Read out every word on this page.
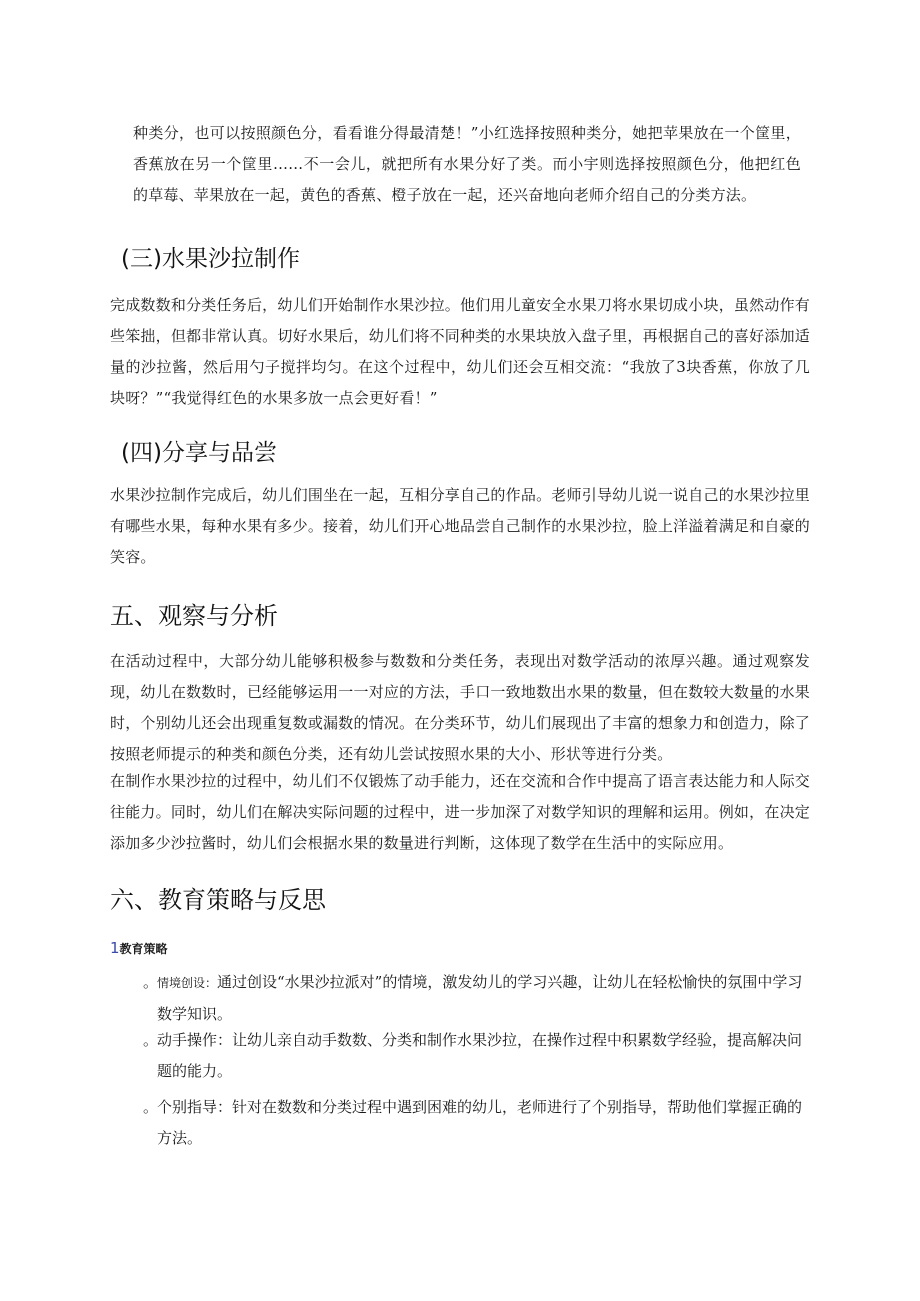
种类分，也可以按照颜色分，看看谁分得最清楚！”小红选择按照种类分，她把苹果放在一个筐里，香蕉放在另一个筐里……不一会儿，就把所有水果分好了类。而小宇则选择按照颜色分，他把红色的草莓、苹果放在一起，黄色的香蕉、橙子放在一起，还兴奋地向老师介绍自己的分类方法。

(三)水果沙拉制作

完成数数和分类任务后，幼儿们开始制作水果沙拉。他们用儿童安全水果刀将水果切成小块，虽然动作有些笨拙，但都非常认真。切好水果后，幼儿们将不同种类的水果块放入盘子里，再根据自己的喜好添加适量的沙拉酱，然后用勺子搅拌均匀。在这个过程中，幼儿们还会互相交流：“我放了3块香蕉，你放了几块呀？”“我觉得红色的水果多放一点会更好看！”

(四)分享与品尝

水果沙拉制作完成后，幼儿们围坐在一起，互相分享自己的作品。老师引导幼儿说一说自己的水果沙拉里有哪些水果，每种水果有多少。接着，幼儿们开心地品尝自己制作的水果沙拉，脸上洋溢着满足和自豪的笑容。

五、观察与分析

在活动过程中，大部分幼儿能够积极参与数数和分类任务，表现出对数学活动的浓厚兴趣。通过观察发现，幼儿在数数时，已经能够运用一一对应的方法，手口一致地数出水果的数量，但在数较大数量的水果时，个别幼儿还会出现重复数或漏数的情况。在分类环节，幼儿们展现出了丰富的想象力和创造力，除了按照老师提示的种类和颜色分类，还有幼儿尝试按照水果的大小、形状等进行分类。

在制作水果沙拉的过程中，幼儿们不仅锻炼了动手能力，还在交流和合作中提高了语言表达能力和人际交往能力。同时，幼儿们在解决实际问题的过程中，进一步加深了对数学知识的理解和运用。例如，在决定添加多少沙拉酱时，幼儿们会根据水果的数量进行判断，这体现了数学在生活中的实际应用。

六、教育策略与反思

1教育策略

。
情境创设：通过创设“水果沙拉派对”的情境，激发幼儿的学习兴趣，让幼儿在轻松愉快的氛围中学习数学知识。
。
动手操作：让幼儿亲自动手数数、分类和制作水果沙拉，在操作过程中积累数学经验，提高解决问题的能力。
。
个别指导：针对在数数和分类过程中遇到困难的幼儿，老师进行了个别指导，帮助他们掌握正确的方法。
